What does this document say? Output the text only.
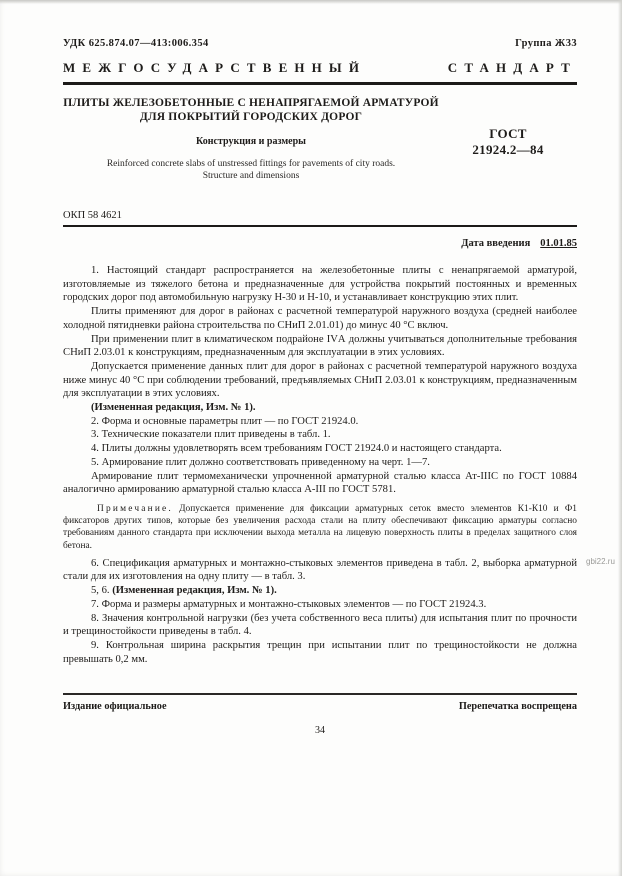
УДК 625.874.07—413:006.354	Группа Ж33
МЕЖГОСУДАРСТВЕННЫЙ	СТАНДАРТ
ПЛИТЫ ЖЕЛЕЗОБЕТОННЫЕ С НЕНАПРЯГАЕМОЙ АРМАТУРОЙ
ДЛЯ ПОКРЫТИЙ ГОРОДСКИХ ДОРОГ
Конструкция и размеры
Reinforced concrete slabs of unstressed fittings for pavements of city roads.
Structure and dimensions
ГОСТ
21924.2—84
ОКП 58 4621
Дата введения 01.01.85

1. Настоящий стандарт распространяется на железобетонные плиты с ненапрягаемой арматурой, изготовляемые из тяжелого бетона и предназначенные для устройства покрытий постоянных и временных городских дорог под автомобильную нагрузку Н-30 и Н-10, и устанавливает конструкцию этих плит.

Плиты применяют для дорог в районах с расчетной температурой наружного воздуха (средней наиболее холодной пятидневки района строительства по СНиП 2.01.01) до минус 40 °С включ.

При применении плит в климатическом подрайоне IVА должны учитываться дополнительные требования СНиП 2.03.01 к конструкциям, предназначенным для эксплуатации в этих условиях.

Допускается применение данных плит для дорог в районах с расчетной температурой наружного воздуха ниже минус 40 °С при соблюдении требований, предъявляемых СНиП 2.03.01 к конструкциям, предназначенным для эксплуатации в этих условиях.

(Измененная редакция, Изм. № 1).

2. Форма и основные параметры плит — по ГОСТ 21924.0.

3. Технические показатели плит приведены в табл. 1.

4. Плиты должны удовлетворять всем требованиям ГОСТ 21924.0 и настоящего стандарта.

5. Армирование плит должно соответствовать приведенному на черт. 1—7.

Армирование плит термомеханически упрочненной арматурной сталью класса Ат-IIIС по ГОСТ 10884 аналогично армированию арматурной сталью класса А-III по ГОСТ 5781.

Примечание. Допускается применение для фиксации арматурных сеток вместо элементов К1-К10 и Ф1 фиксаторов других типов, которые без увеличения расхода стали на плиту обеспечивают фиксацию арматуры согласно требованиям данного стандарта при исключении выхода металла на лицевую поверхность плиты в пределах защитного слоя бетона.

6. Спецификация арматурных и монтажно-стыковых элементов приведена в табл. 2, выборка арматурной стали для их изготовления на одну плиту — в табл. 3.

5, 6. (Измененная редакция, Изм. № 1).

7. Форма и размеры арматурных и монтажно-стыковых элементов — по ГОСТ 21924.3.

8. Значения контрольной нагрузки (без учета собственного веса плиты) для испытания плит по прочности и трещиностойкости приведены в табл. 4.

9. Контрольная ширина раскрытия трещин при испытании плит по трещиностойкости не должна превышать 0,2 мм.

Издание официальное	Перепечатка воспрещена
34
gbi22.ru
